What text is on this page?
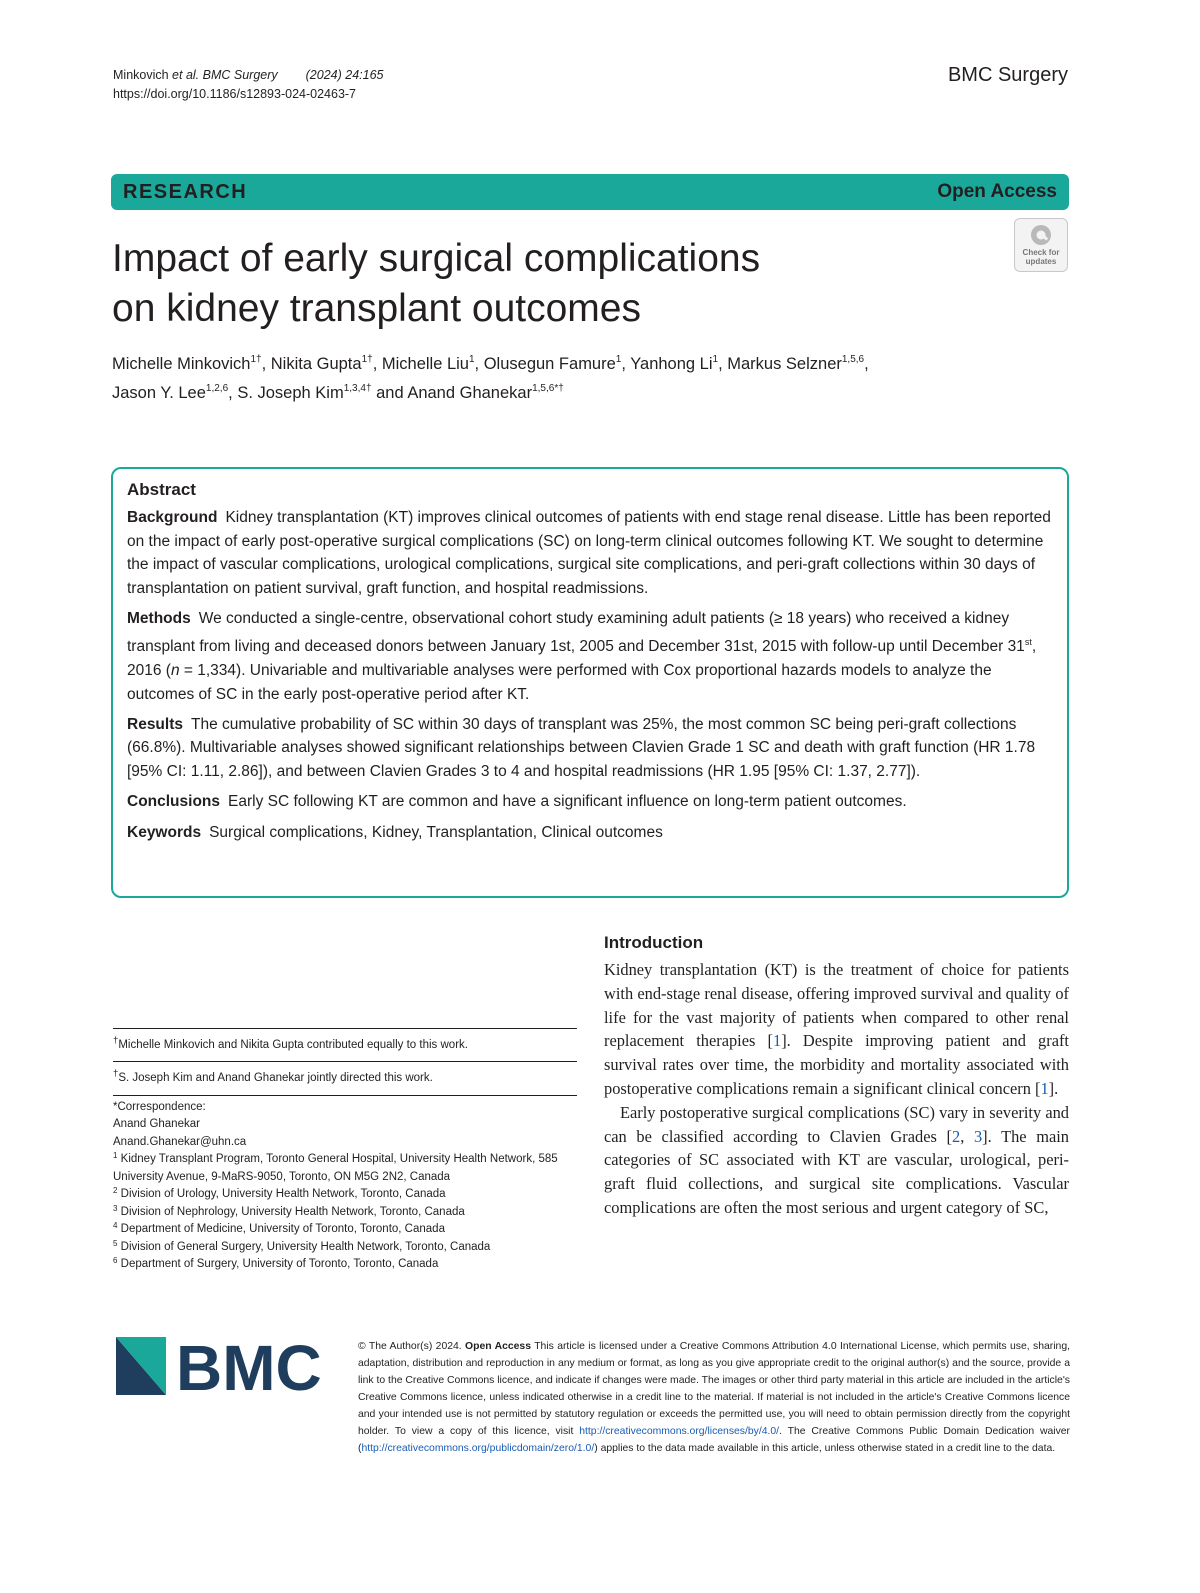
Minkovich et al. BMC Surgery (2024) 24:165
https://doi.org/10.1186/s12893-024-02463-7
BMC Surgery
RESEARCH	Open Access
Check for
updates
Impact of early surgical complications
on kidney transplant outcomes
Michelle Minkovich$^{1\dagger}$, Nikita Gupta$^{1\dagger}$, Michelle Liu$^1$, Olusegun Famure$^1$, Yanhong Li$^1$, Markus Selzner$^{1,5,6}$,
Jason Y. Lee$^{1,2,6}$, S. Joseph Kim$^{1,3,4\dagger}$ and Anand Ghanekar$^{1,5,6*\dagger}$
Abstract

Background Kidney transplantation (KT) improves clinical outcomes of patients with end stage renal disease. Little has been reported on the impact of early post-operative surgical complications (SC) on long-term clinical outcomes following KT. We sought to determine the impact of vascular complications, urological complications, surgical site complications, and peri-graft collections within 30 days of transplantation on patient survival, graft function, and hospital readmissions.

Methods We conducted a single-centre, observational cohort study examining adult patients (≥ 18 years) who received a kidney transplant from living and deceased donors between January 1st, 2005 and December 31st, 2015 with follow-up until December 31st, 2016 (n = 1,334). Univariable and multivariable analyses were performed with Cox proportional hazards models to analyze the outcomes of SC in the early post-operative period after KT.

Results The cumulative probability of SC within 30 days of transplant was 25%, the most common SC being peri-graft collections (66.8%). Multivariable analyses showed significant relationships between Clavien Grade 1 SC and death with graft function (HR 1.78 [95% CI: 1.11, 2.86]), and between Clavien Grades 3 to 4 and hospital readmissions (HR 1.95 [95% CI: 1.37, 2.77]).

Conclusions Early SC following KT are common and have a significant influence on long-term patient outcomes.

Keywords Surgical complications, Kidney, Transplantation, Clinical outcomes

†Michelle Minkovich and Nikita Gupta contributed equally to this work.
†S. Joseph Kim and Anand Ghanekar jointly directed this work.
*Correspondence:
Anand Ghanekar
Anand.Ghanekar@uhn.ca
$^1$ Kidney Transplant Program, Toronto General Hospital, University Health Network, 585 University Avenue, 9-MaRS-9050, Toronto, ON M5G 2N2, Canada
$^2$ Division of Urology, University Health Network, Toronto, Canada
$^3$ Division of Nephrology, University Health Network, Toronto, Canada
$^4$ Department of Medicine, University of Toronto, Toronto, Canada
$^5$ Division of General Surgery, University Health Network, Toronto, Canada
$^6$ Department of Surgery, University of Toronto, Toronto, Canada
Introduction

Kidney transplantation (KT) is the treatment of choice for patients with end-stage renal disease, offering improved survival and quality of life for the vast majority of patients when compared to other renal replacement therapies [1]. Despite improving patient and graft survival rates over time, the morbidity and mortality associated with postoperative complications remain a significant clinical concern [1].

Early postoperative surgical complications (SC) vary in severity and can be classified according to Clavien Grades [2, 3]. The main categories of SC associated with KT are vascular, urological, peri-graft fluid collections, and surgical site complications. Vascular complications are often the most serious and urgent category of SC,

BMC	© The Author(s) 2024. Open Access This article is licensed under a Creative Commons Attribution 4.0 International License, which permits use, sharing, adaptation, distribution and reproduction in any medium or format, as long as you give appropriate credit to the original author(s) and the source, provide a link to the Creative Commons licence, and indicate if changes were made. The images or other third party material in this article are included in the article's Creative Commons licence, unless indicated otherwise in a credit line to the material. If material is not included in the article's Creative Commons licence and your intended use is not permitted by statutory regulation or exceeds the permitted use, you will need to obtain permission directly from the copyright holder. To view a copy of this licence, visit http://creativecommons.org/licenses/by/4.0/. The Creative Commons Public Domain Dedication waiver (http://creativecommons.org/publicdomain/zero/1.0/) applies to the data made available in this article, unless otherwise stated in a credit line to the data.
